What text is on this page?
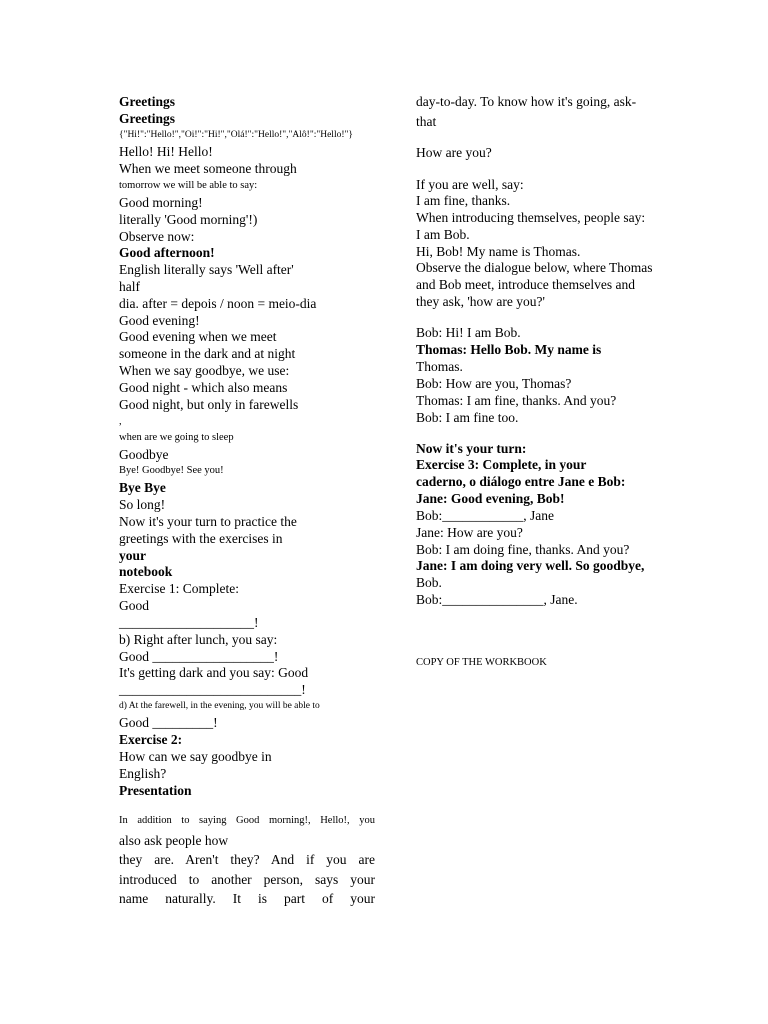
Greetings
Greetings
{"Hi!":"Hello!","Oi!":"Hi!","Olá!":"Hello!","Alô!":"Hello!"}
Hello! Hi! Hello!
When we meet someone through
tomorrow we will be able to say:
Good morning!
literally 'Good morning'!)
Observe now:
Good afternoon!
English literally says 'Well after'
half
dia. after = depois / noon = meio-dia
Good evening!
Good evening when we meet
someone in the dark and at night
When we say goodbye, we use:
Good night - which also means
Good night, but only in farewells
,
when are we going to sleep
Goodbye
Bye! Goodbye! See you!
Bye Bye
So long!
Now it's your turn to practice the
greetings with the exercises in
your
notebook
Exercise 1: Complete:
Good
____________________!
b) Right after lunch, you say:
Good __________________!
It's getting dark and you say: Good
___________________________!
d) At the farewell, in the evening, you will be able to
Good _________!
Exercise 2:
How can we say goodbye in
English?
Presentation
In addition to saying Good morning!, Hello!, you
also ask people how
they are. Aren't they? And if you are
introduced to another person, says your
name naturally. It is part of your
day-to-day. To know how it's going, ask-
that
How are you?
If you are well, say:
I am fine, thanks.
When introducing themselves, people say:
I am Bob.
Hi, Bob! My name is Thomas.
Observe the dialogue below, where Thomas
and Bob meet, introduce themselves and
they ask, 'how are you?'
Bob: Hi! I am Bob.
Thomas: Hello Bob. My name is
Thomas.
Bob: How are you, Thomas?
Thomas: I am fine, thanks. And you?
Bob: I am fine too.
Now it's your turn:
Exercise 3: Complete, in your
caderno, o diálogo entre Jane e Bob:
Jane: Good evening, Bob!
Bob:____________, Jane
Jane: How are you?
Bob: I am doing fine, thanks. And you?
Jane: I am doing very well. So goodbye,
Bob.
Bob:_______________, Jane.
COPY OF THE WORKBOOK
